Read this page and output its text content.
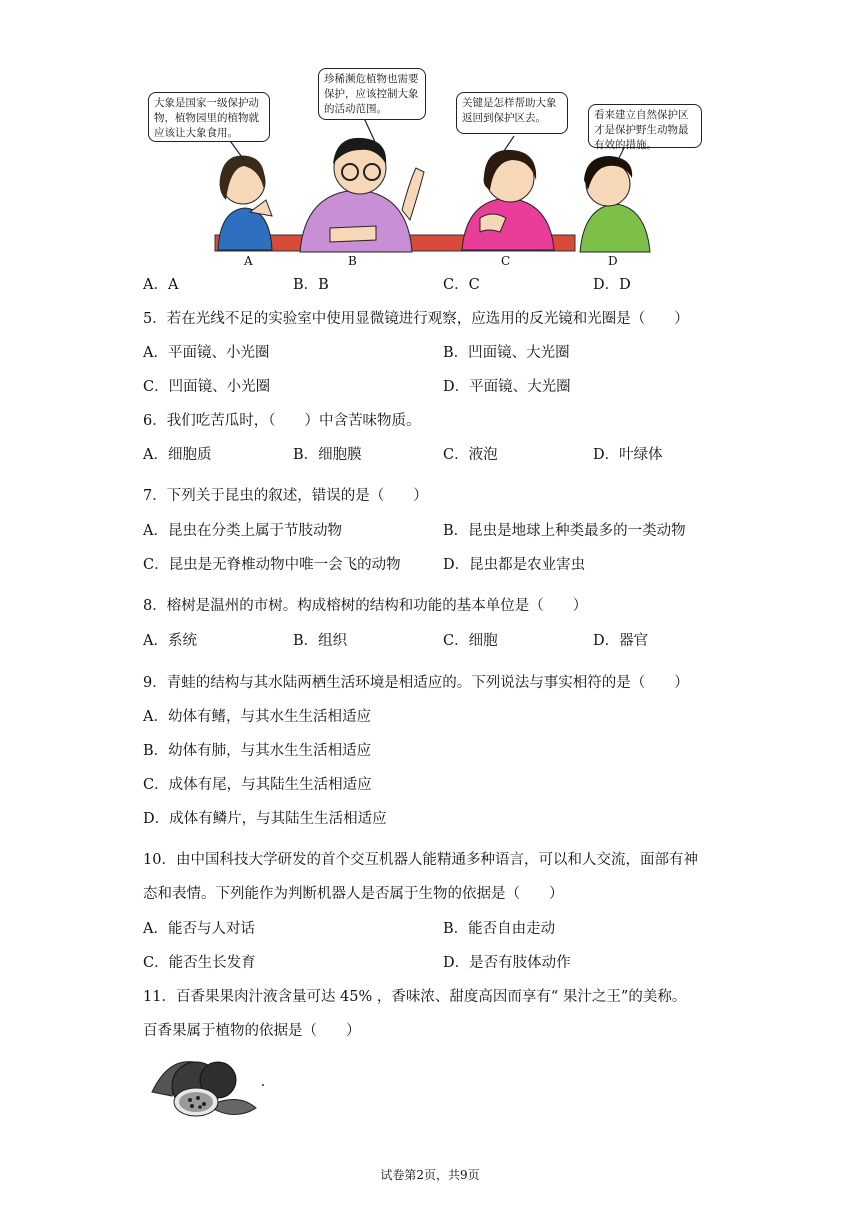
大象是国家一级保护动物，植物园里的植物就应该让大象食用。
珍稀濒危植物也需要保护，应该控制大象的活动范围。	关键是怎样帮助大象返回到保护区去。	看来建立自然保护区才是保护野生动物最有效的措施。
A	B	C	D
A．A	B．B	C．C	D．D
5．若在光线不足的实验室中使用显微镜进行观察，应选用的反光镜和光圈是（　　）
A．平面镜、小光圈	B．凹面镜、大光圈
C．凹面镜、小光圈	D．平面镜、大光圈
6．我们吃苦瓜时，（　　）中含苦味物质。
A．细胞质	B．细胞膜	C．液泡	D．叶绿体
7．下列关于昆虫的叙述，错误的是（　　）
A．昆虫在分类上属于节肢动物	B．昆虫是地球上种类最多的一类动物
C．昆虫是无脊椎动物中唯一会飞的动物	D．昆虫都是农业害虫
8．榕树是温州的市树。构成榕树的结构和功能的基本单位是（　　）
A．系统	B．组织	C．细胞	D．器官
9．青蛙的结构与其水陆两栖生活环境是相适应的。下列说法与事实相符的是（　　）
A．幼体有鳍，与其水生生活相适应
B．幼体有肺，与其水生生活相适应
C．成体有尾，与其陆生生活相适应
D．成体有鳞片，与其陆生生活相适应
10．由中国科技大学研发的首个交互机器人能精通多种语言，可以和人交流，面部有神
态和表情。下列能作为判断机器人是否属于生物的依据是（　　）
A．能否与人对话	B．能否自由走动
C．能否生长发育	D．是否有肢体动作
11．百香果果肉汁液含量可达 45% ，香味浓、甜度高因而享有“ 果汁之王”的美称。
百香果属于植物的依据是（　　）
试卷第2页，共9页
